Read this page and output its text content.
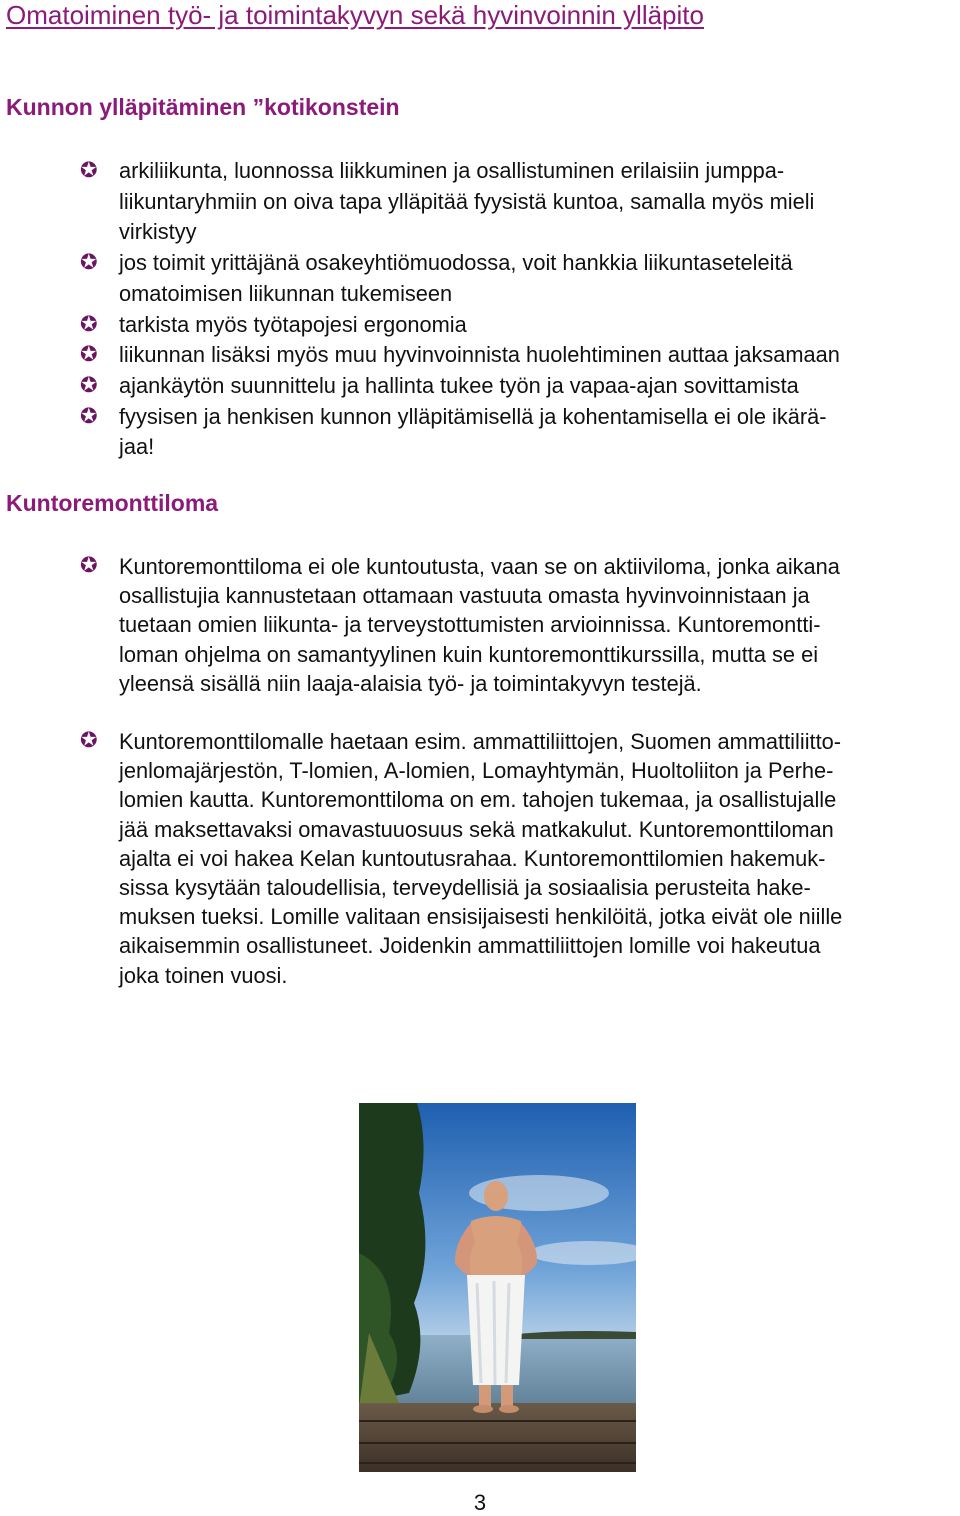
Omatoiminen työ- ja toimintakyvyn sekä hyvinvoinnin ylläpito
Kunnon ylläpitäminen ”kotikonstein
✪ arkiliikunta, luonnossa liikkuminen ja osallistuminen erilaisiin jumppa-
liikuntaryhmiin on oiva tapa ylläpitää fyysistä kuntoa, samalla myös mieli
virkistyy
✪ jos toimit yrittäjänä osakeyhtiömuodossa, voit hankkia liikuntaseteleitä
omatoimisen liikunnan tukemiseen
✪ tarkista myös työtapojesi ergonomia
✪ liikunnan lisäksi myös muu hyvinvoinnista huolehtiminen auttaa jaksamaan
✪ ajankäytön suunnittelu ja hallinta tukee työn ja vapaa-ajan sovittamista
✪ fyysisen ja henkisen kunnon ylläpitämisellä ja kohentamisella ei ole ikärä-
jaa!
Kuntoremonttiloma
✪ Kuntoremonttiloma ei ole kuntoutusta, vaan se on aktiiviloma, jonka aikana
osallistujia kannustetaan ottamaan vastuuta omasta hyvinvoinnistaan ja
tuetaan omien liikunta- ja terveystottumisten arvioinnissa. Kuntoremontti-
loman ohjelma on samantyylinen kuin kuntoremonttikurssilla, mutta se ei
yleensä sisällä niin laaja-alaisia työ- ja toimintakyvyn testejä.
✪ Kuntoremonttilomalle haetaan esim. ammattiliittojen, Suomen ammattiliitto-
jenlomajärjestön, T-lomien, A-lomien, Lomayhtymän, Huoltoliiton ja Perhe-
lomien kautta. Kuntoremonttiloma on em. tahojen tukemaa, ja osallistujalle
jää maksettavaksi omavastuuosuus sekä matkakulut. Kuntoremonttiloman
ajalta ei voi hakea Kelan kuntoutusrahaa. Kuntoremonttilomien hakemuk-
sissa kysytään taloudellisia, terveydellisiä ja sosiaalisia perusteita hake-
muksen tueksi. Lomille valitaan ensisijaisesti henkilöitä, jotka eivät ole niille
aikaisemmin osallistuneet. Joidenkin ammattiliittojen lomille voi hakeutua
joka toinen vuosi.
3
